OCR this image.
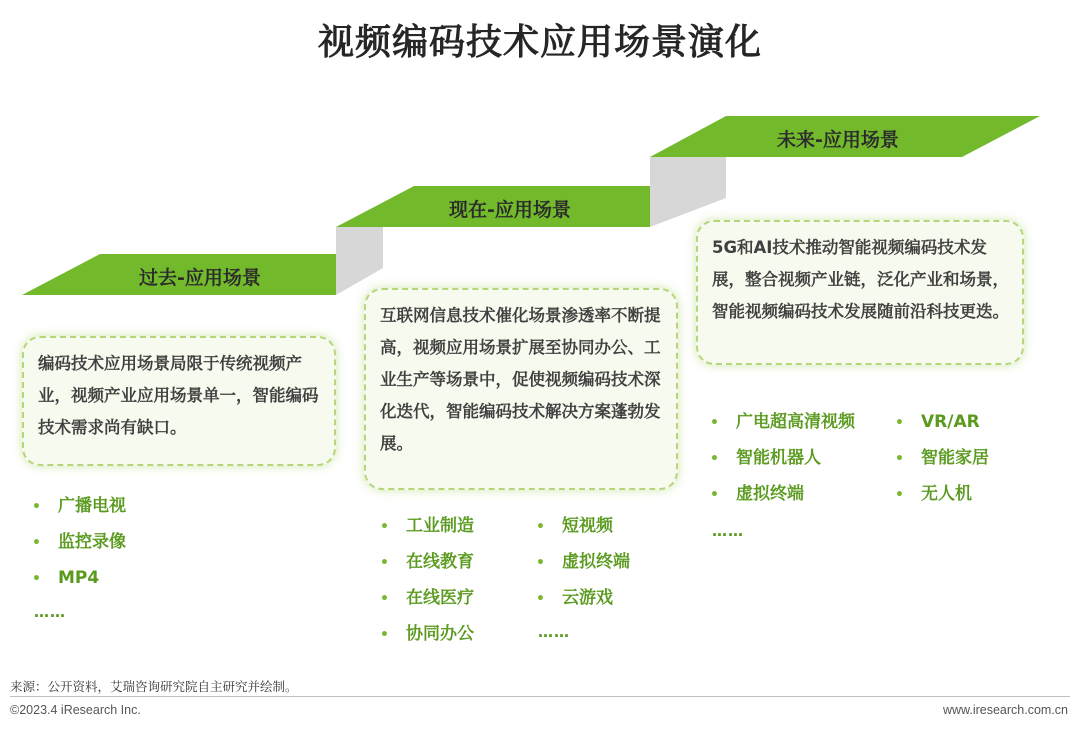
视频编码技术应用场景演化
过去-应用场景
现在-应用场景
未来-应用场景

编码技术应用场景局限于传统视频产业，视频产业应用场景单一，智能编码技术需求尚有缺口。

互联网信息技术催化场景渗透率不断提高，视频应用场景扩展至协同办公、工业生产等场景中，促使视频编码技术深化迭代，智能编码技术解决方案蓬勃发展。

5G和AI技术推动智能视频编码技术发展，整合视频产业链，泛化产业和场景，智能视频编码技术发展随前沿科技更迭。

• 广播电视
• 监控录像
• MP4
……
• 工业制造
• 在线教育
• 在线医疗
• 协同办公
• 短视频
• 虚拟终端
• 云游戏
……
• 广电超高清视频
• 智能机器人
• 虚拟终端
• VR/AR
• 智能家居
• 无人机
……
来源：公开资料，艾瑞咨询研究院自主研究并绘制。
©2023.4 iResearch Inc.	www.iresearch.com.cn
